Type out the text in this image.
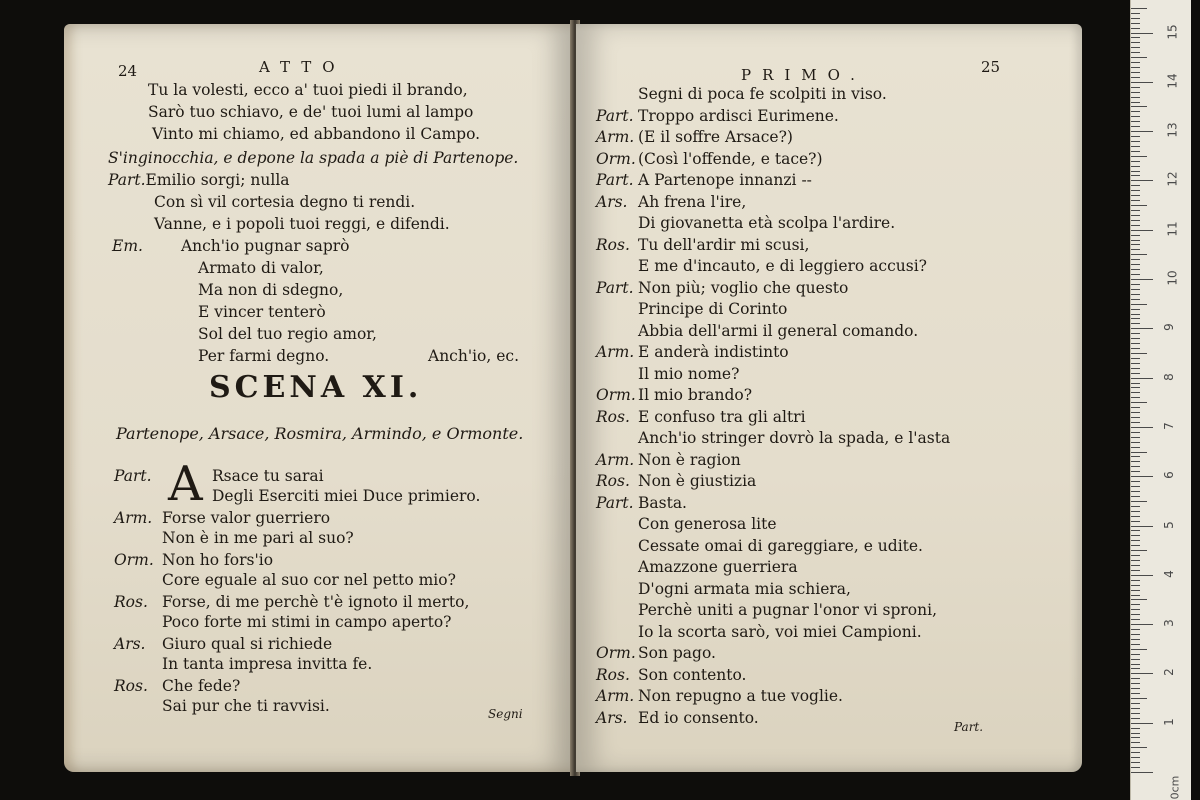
0cm
1
2
3
4
5
6
7
8
9
10
11
12
13
14
15
24	ATTO
SCENA XI.
Partenope, Arsace, Rosmira, Armindo, e Ormonte.
A
Segni
Tu la volesti, ecco a' tuoi piedi il brando,
Sarò tuo schiavo, e de' tuoi lumi al lampo
Vinto mi chiamo, ed abbandono il Campo.
S'inginocchia, e depone la spada a piè di Partenope.
Part.Emilio sorgi; nulla
Con sì vil cortesia degno ti rendi.
Vanne, e i popoli tuoi reggi, e difendi.
Em. Anch'io pugnar saprò
Armato di valor,
Ma non di sdegno,
E vincer tenterò
Sol del tuo regio amor,
Per farmi degno.	Anch'io, ec.
Part.	Rsace tu sarai
Degli Eserciti miei Duce primiero.
Arm. Forse valor guerriero
Non è in me pari al suo?
Orm. Non ho fors'io
Core eguale al suo cor nel petto mio?
Ros. Forse, di me perchè t'è ignoto il merto,
Poco forte mi stimi in campo aperto?
Ars. Giuro qual si richiede
In tanta impresa invitta fe.
Ros. Che fede?
Sai pur che ti ravvisi.
25
PRIMO.
Part.
Segni di poca fe scolpiti in viso.
Part. Troppo ardisci Eurimene.
Arm. (E il soffre Arsace?)
Orm. (Così l'offende, e tace?)
Part. A Partenope innanzi --
Ars. Ah frena l'ire,
Di giovanetta età scolpa l'ardire.
Ros. Tu dell'ardir mi scusi,
E me d'incauto, e di leggiero accusi?
Part. Non più; voglio che questo
Principe di Corinto
Abbia dell'armi il general comando.
Arm. E anderà indistinto
Il mio nome?
Orm. Il mio brando?
Ros. E confuso tra gli altri
Anch'io stringer dovrò la spada, e l'asta
Arm. Non è ragion
Ros. Non è giustizia
Part. Basta.
Con generosa lite
Cessate omai di gareggiare, e udite.
Amazzone guerriera
D'ogni armata mia schiera,
Perchè uniti a pugnar l'onor vi sproni,
Io la scorta sarò, voi miei Campioni.
Orm. Son pago.
Ros. Son contento.
Arm. Non repugno a tue voglie.
Ars. Ed io consento.
